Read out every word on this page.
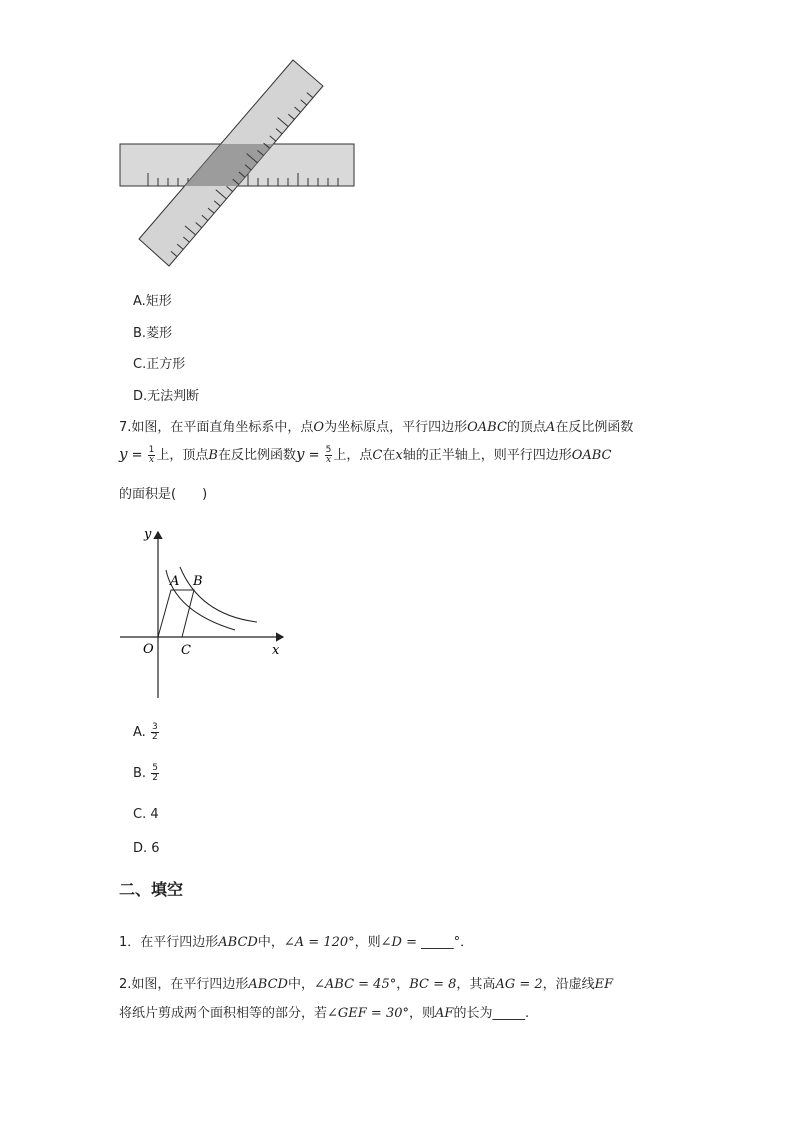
A.矩形
B.菱形
C.正方形
D.无法判断
7.如图，在平面直角坐标系中，点O为坐标原点，平行四边形OABC的顶点A在反比例函数
$y = \frac{1}{x}$ 上，顶点B在反比例函数$y = \frac{5}{x}$ 上，点C在x轴的正半轴上，则平行四边形OABC
的面积是(　　)
y
x
O
A B
C
A. $\frac{3}{2}$
B. $\frac{5}{2}$
C. 4
D. 6
二、填空
1．在平行四边形ABCD中，∠A = 120°，则∠D = _____°．
2.如图，在平行四边形ABCD中，∠ABC = 45°，BC = 8，其高AG = 2，沿虚线EF
将纸片剪成两个面积相等的部分，若∠GEF = 30°，则AF的长为_____.
